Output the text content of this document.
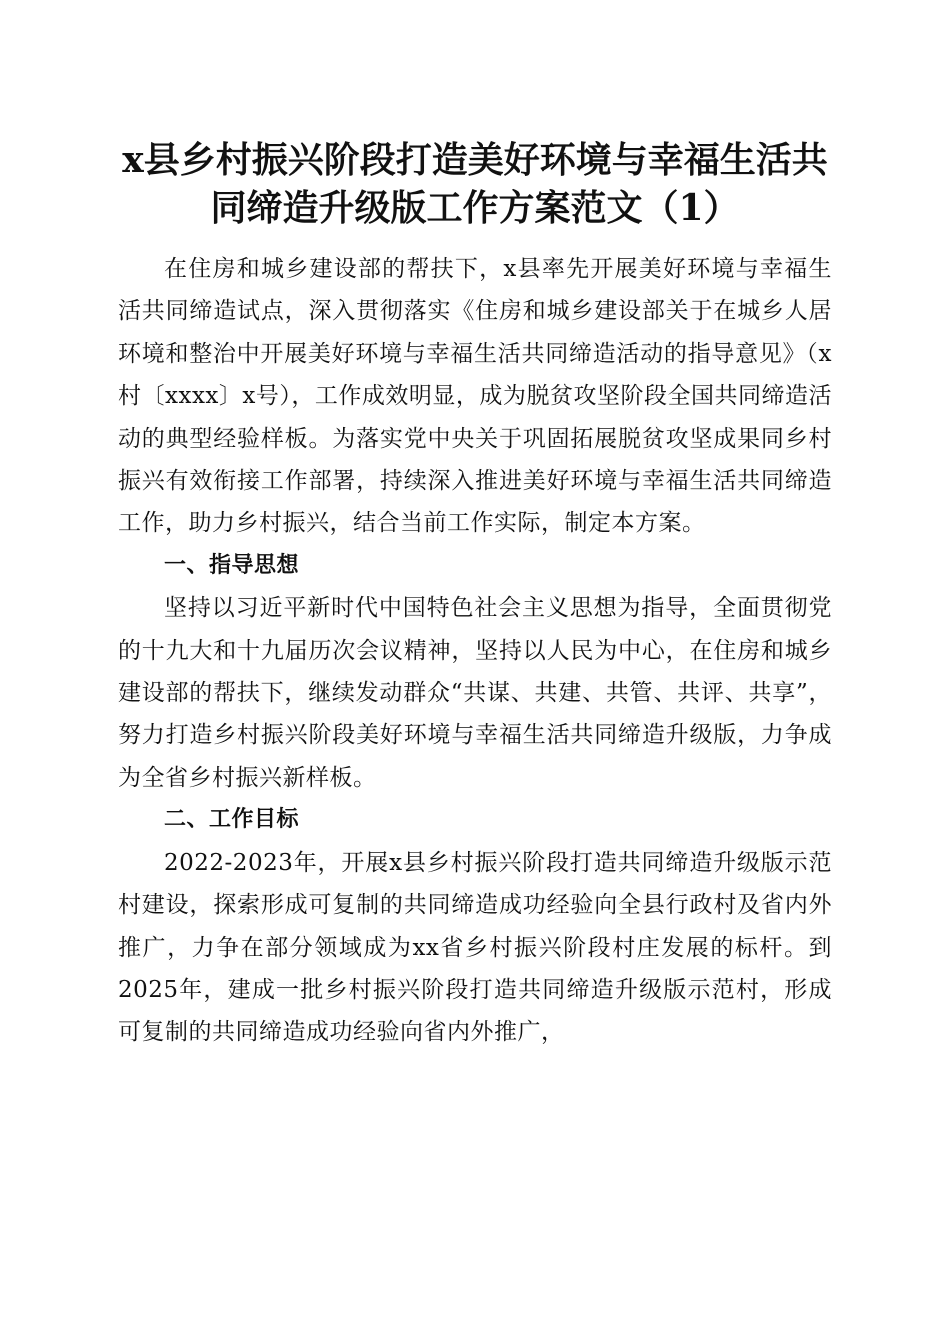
x县乡村振兴阶段打造美好环境与幸福生活共
同缔造升级版工作方案范文（1）

在住房和城乡建设部的帮扶下，x县率先开展美好环境与幸福生活共同缔造试点，深入贯彻落实《住房和城乡建设部关于在城乡人居环境和整治中开展美好环境与幸福生活共同缔造活动的指导意见》（x村〔xxxx〕x号），工作成效明显，成为脱贫攻坚阶段全国共同缔造活动的典型经验样板。为落实党中央关于巩固拓展脱贫攻坚成果同乡村振兴有效衔接工作部署，持续深入推进美好环境与幸福生活共同缔造工作，助力乡村振兴，结合当前工作实际，制定本方案。

一、指导思想

坚持以习近平新时代中国特色社会主义思想为指导，全面贯彻党的十九大和十九届历次会议精神，坚持以人民为中心，在住房和城乡建设部的帮扶下，继续发动群众“共谋、共建、共管、共评、共享”，努力打造乡村振兴阶段美好环境与幸福生活共同缔造升级版，力争成为全省乡村振兴新样板。

二、工作目标

2022-2023年，开展x县乡村振兴阶段打造共同缔造升级版示范村建设，探索形成可复制的共同缔造成功经验向全县行政村及省内外推广，力争在部分领域成为xx省乡村振兴阶段村庄发展的标杆。到2025年，建成一批乡村振兴阶段打造共同缔造升级版示范村，形成可复制的共同缔造成功经验向省内外推广，
